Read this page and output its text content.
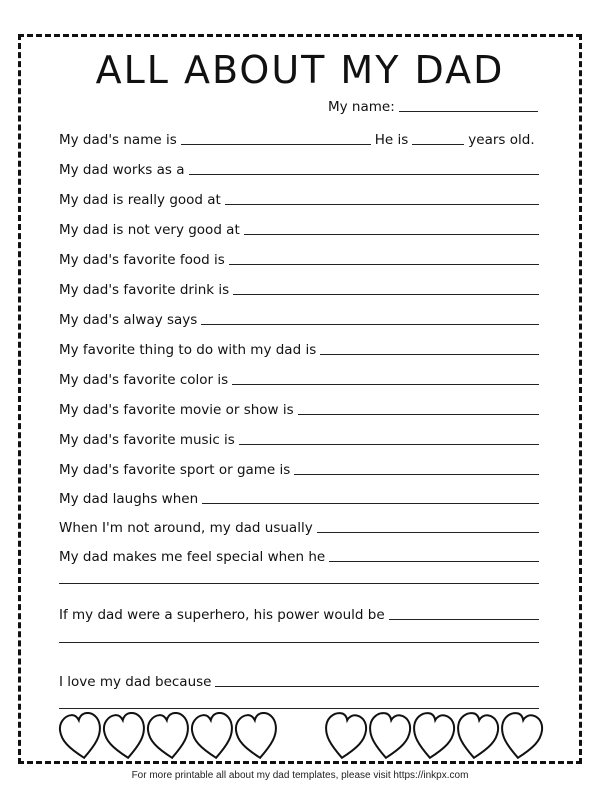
ALL ABOUT MY DAD
My name:
My dad's name is	He is	years old.
My dad works as a
My dad is really good at
My dad is not very good at
My dad's favorite food is
My dad's favorite drink is
My dad's alway says
My favorite thing to do with my dad is
My dad's favorite color is
My dad's favorite movie or show is
My dad's favorite music is
My dad's favorite sport or game is
My dad laughs when
When I'm not around, my dad usually
My dad makes me feel special when he
If my dad were a superhero, his power would be
I love my dad because
For more printable all about my dad templates, please visit https://inkpx.com
